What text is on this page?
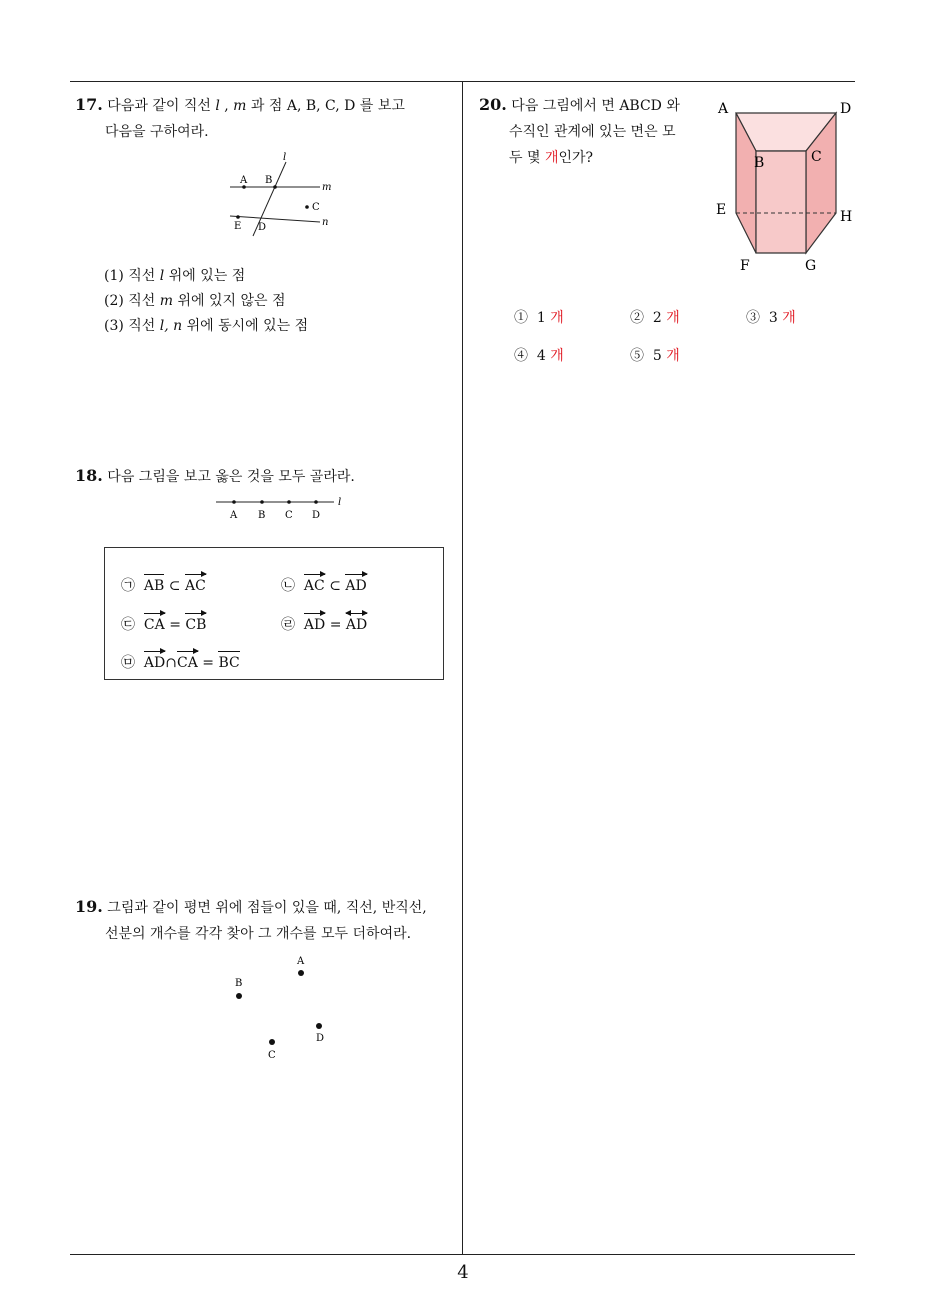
4
17. 다음과 같이 직선 l , m 과 점 A, B, C, D 를 보고
다음을 구하여라.
A B
C
E D
l
m
n
(1) 직선 l 위에 있는 점
(2) 직선 m 위에 있지 않은 점
(3) 직선 l, n 위에 동시에 있는 점
18. 다음 그림을 보고 옳은 것을 모두 골라라.
A B C D
l
㉠ AB ⊂ AC	㉡ AC ⊂ AD
㉢ CA = CB	㉣ AD = AD
㉤ AD∩CA = BC
19. 그림과 같이 평면 위에 점들이 있을 때, 직선, 반직선,
선분의 개수를 각각 찾아 그 개수를 모두 더하여라.
A
B
D
C
20. 다음 그림에서 면 ABCD 와
수직인 관계에 있는 면은 모
두 몇 개인가?
A	D
B	C
E	H
F	G
① 1 개	② 2 개	③ 3 개
④ 4 개	⑤ 5 개
